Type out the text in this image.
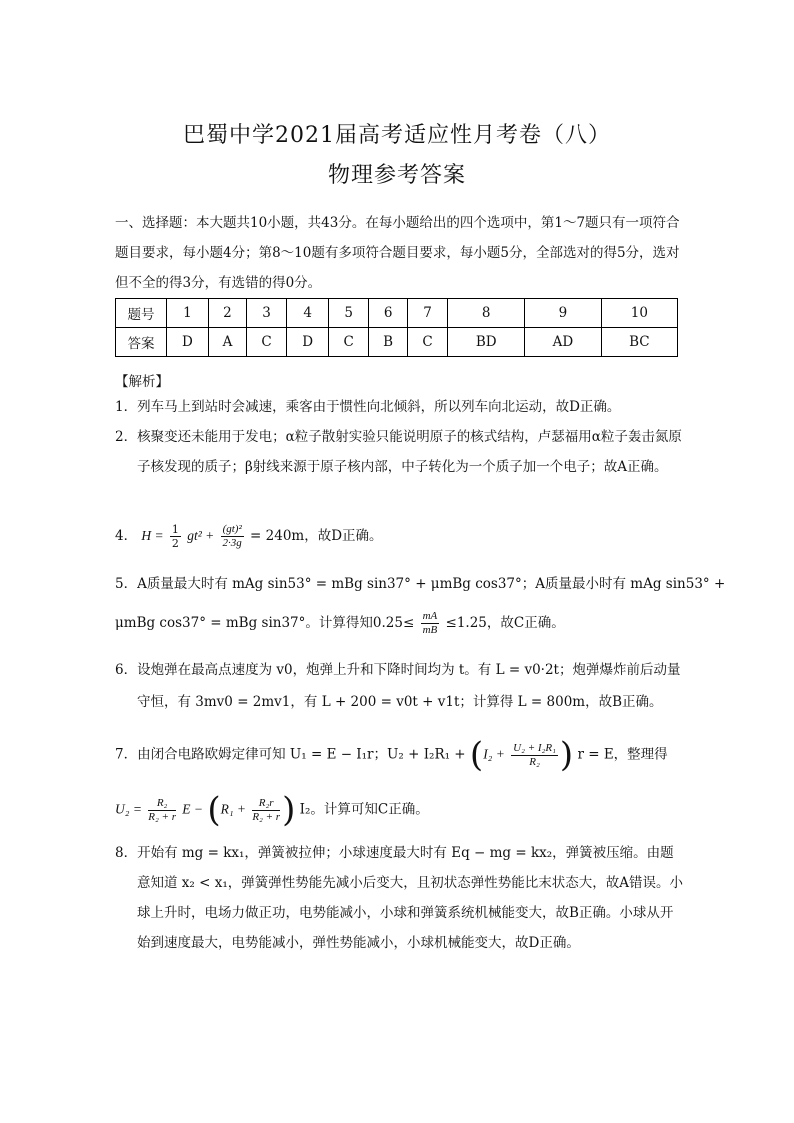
巴蜀中学2021届高考适应性月考卷（八）
物理参考答案
一、选择题：本大题共10小题，共43分。在每小题给出的四个选项中，第1～7题只有一项符合题目要求，每小题4分；第8～10题有多项符合题目要求，每小题5分，全部选对的得5分，选对但不全的得3分，有选错的得0分。
题号	1	2	3	4	5	6	7	8	9	10
答案	D	A	C	D	C	B	C	BD	AD	BC
【解析】
1．列车马上到站时会减速，乘客由于惯性向北倾斜，所以列车向北运动，故D正确。
2．核聚变还未能用于发电；α粒子散射实验只能说明原子的核式结构，卢瑟福用α粒子轰击氮原子核发现的质子；β射线来源于原子核内部，中子转化为一个质子加一个电子；故A正确。
4． $H = \frac{1}{2} gt^2 + \frac{\text{(gt)²}}{2\cdot 3g} = 240m$，故D正确。
5．A质量最大时有 mAg sin53° = mBg sin37° + μmBg cos37°；A质量最小时有 mAg sin53° +
μmBg cos37° = mBg sin37°。计算得知$0.25\le \frac{mA}{mB} \le 1.25$，故C正确。
6．设炮弹在最高点速度为 v0，炮弹上升和下降时间均为 t。有 L = v0·2t；炮弹爆炸前后动量
守恒，有 3mv0 = 2mv1，有 L + 200 = v0t + v1t；计算得 L = 800m，故B正确。
7．由闭合电路欧姆定律可知 U₁ = E − I₁r；$U_2 + I_2R_1 + (I_2 + \frac{\text{U₂ + I₂R₁}}{\text{R₂}}$ ) r = E，整理得
$U_2 = \frac{\text{R₂}}{\text{R₂ + r}}$ $E - (R_1 + \frac{\text{R₂r}}{\text{R₂ + r}}$ ) I₂。计算可知C正确。
8．开始有 mg = kx₁，弹簧被拉伸；小球速度最大时有 Eq − mg = kx₂，弹簧被压缩。由题意知道 x₂ < x₁，弹簧弹性势能先减小后变大，且初状态弹性势能比末状态大，故A错误。小球上升时，电场力做正功，电势能减小，小球和弹簧系统机械能变大，故B正确。小球从开始到速度最大，电势能减小，弹性势能减小，小球机械能变大，故D正确。
